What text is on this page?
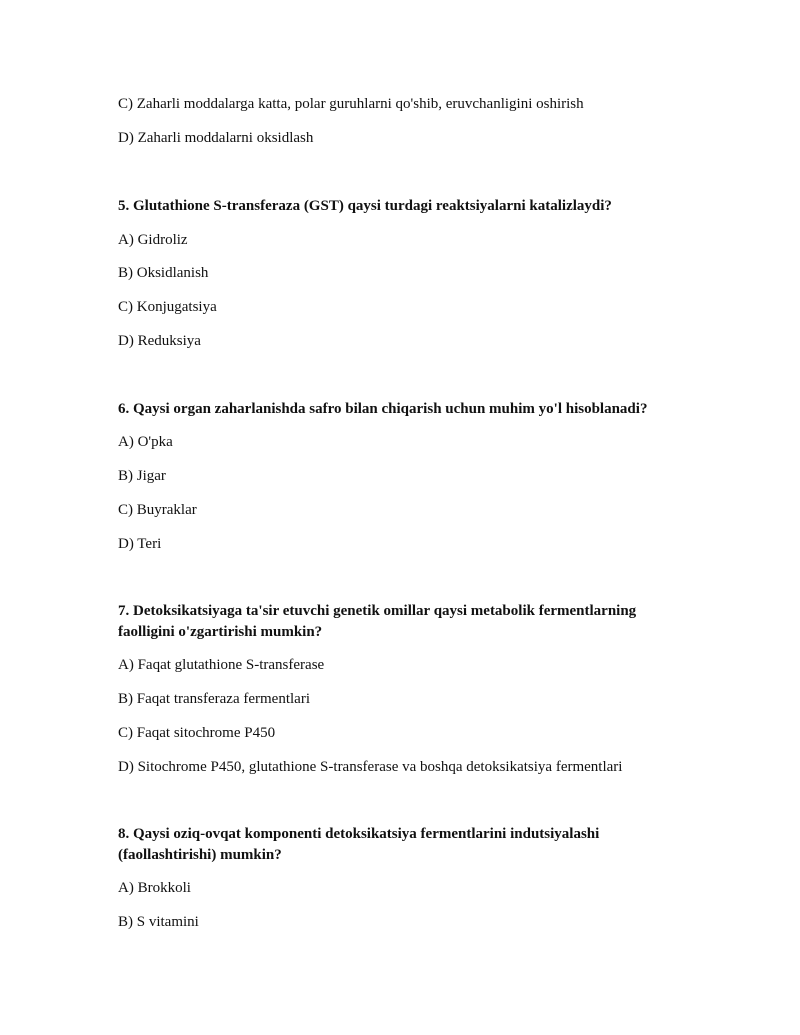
C) Zaharli moddalarga katta, polar guruhlarni qo'shib, eruvchanligini oshirish
D) Zaharli moddalarni oksidlash
5. Glutathione S-transferaza (GST) qaysi turdagi reaktsiyalarni katalizlaydi?
A) Gidroliz
B) Oksidlanish
C) Konjugatsiya
D) Reduksiya
6. Qaysi organ zaharlanishda safro bilan chiqarish uchun muhim yo'l hisoblanadi?
A) O'pka
B) Jigar
C) Buyraklar
D) Teri
7. Detoksikatsiyaga ta'sir etuvchi genetik omillar qaysi metabolik fermentlarning
faolligini o'zgartirishi mumkin?
A) Faqat glutathione S-transferase
B) Faqat transferaza fermentlari
C) Faqat sitochrome P450
D) Sitochrome P450, glutathione S-transferase va boshqa detoksikatsiya fermentlari
8. Qaysi oziq-ovqat komponenti detoksikatsiya fermentlarini indutsiyalashi
(faollashtirishi) mumkin?
A) Brokkoli
B) S vitamini
